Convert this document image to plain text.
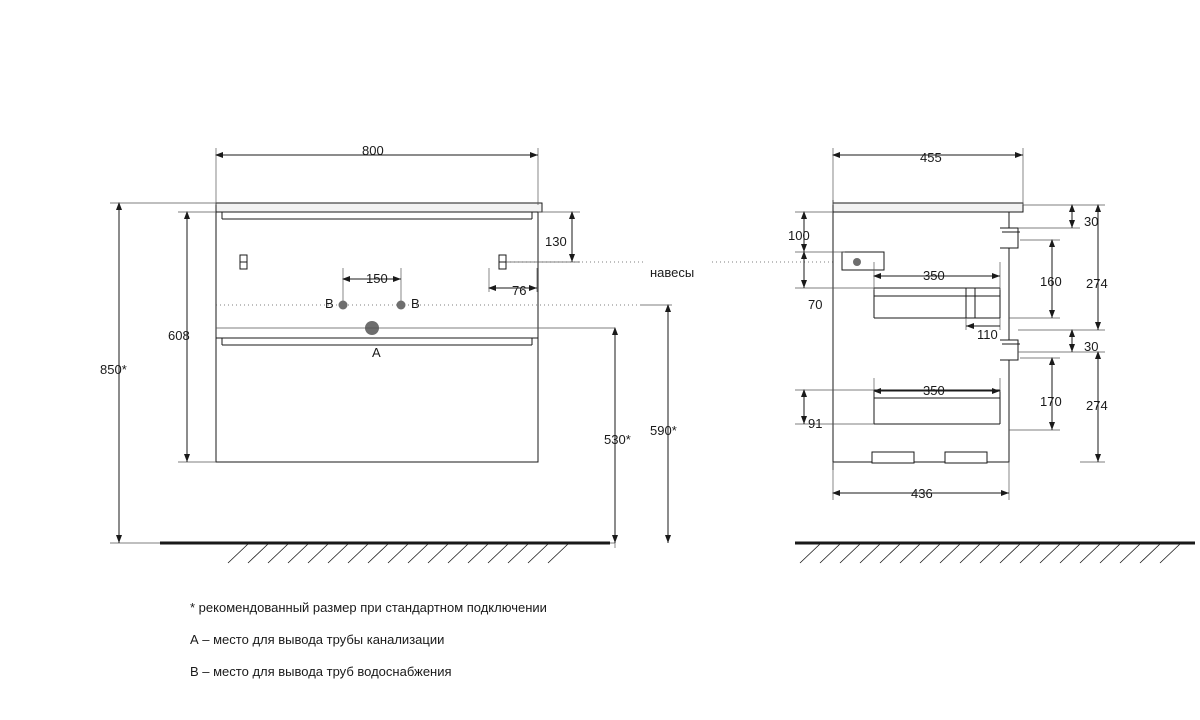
800
850*
608
130
150
76
530*
590*
A
B	B
навесы
455
100
30
350	160 274
70
110
30
350
170 274
91
436
* рекомендованный размер при стандартном подключении
А – место для вывода трубы канализации
В – место для вывода труб водоснабжения
